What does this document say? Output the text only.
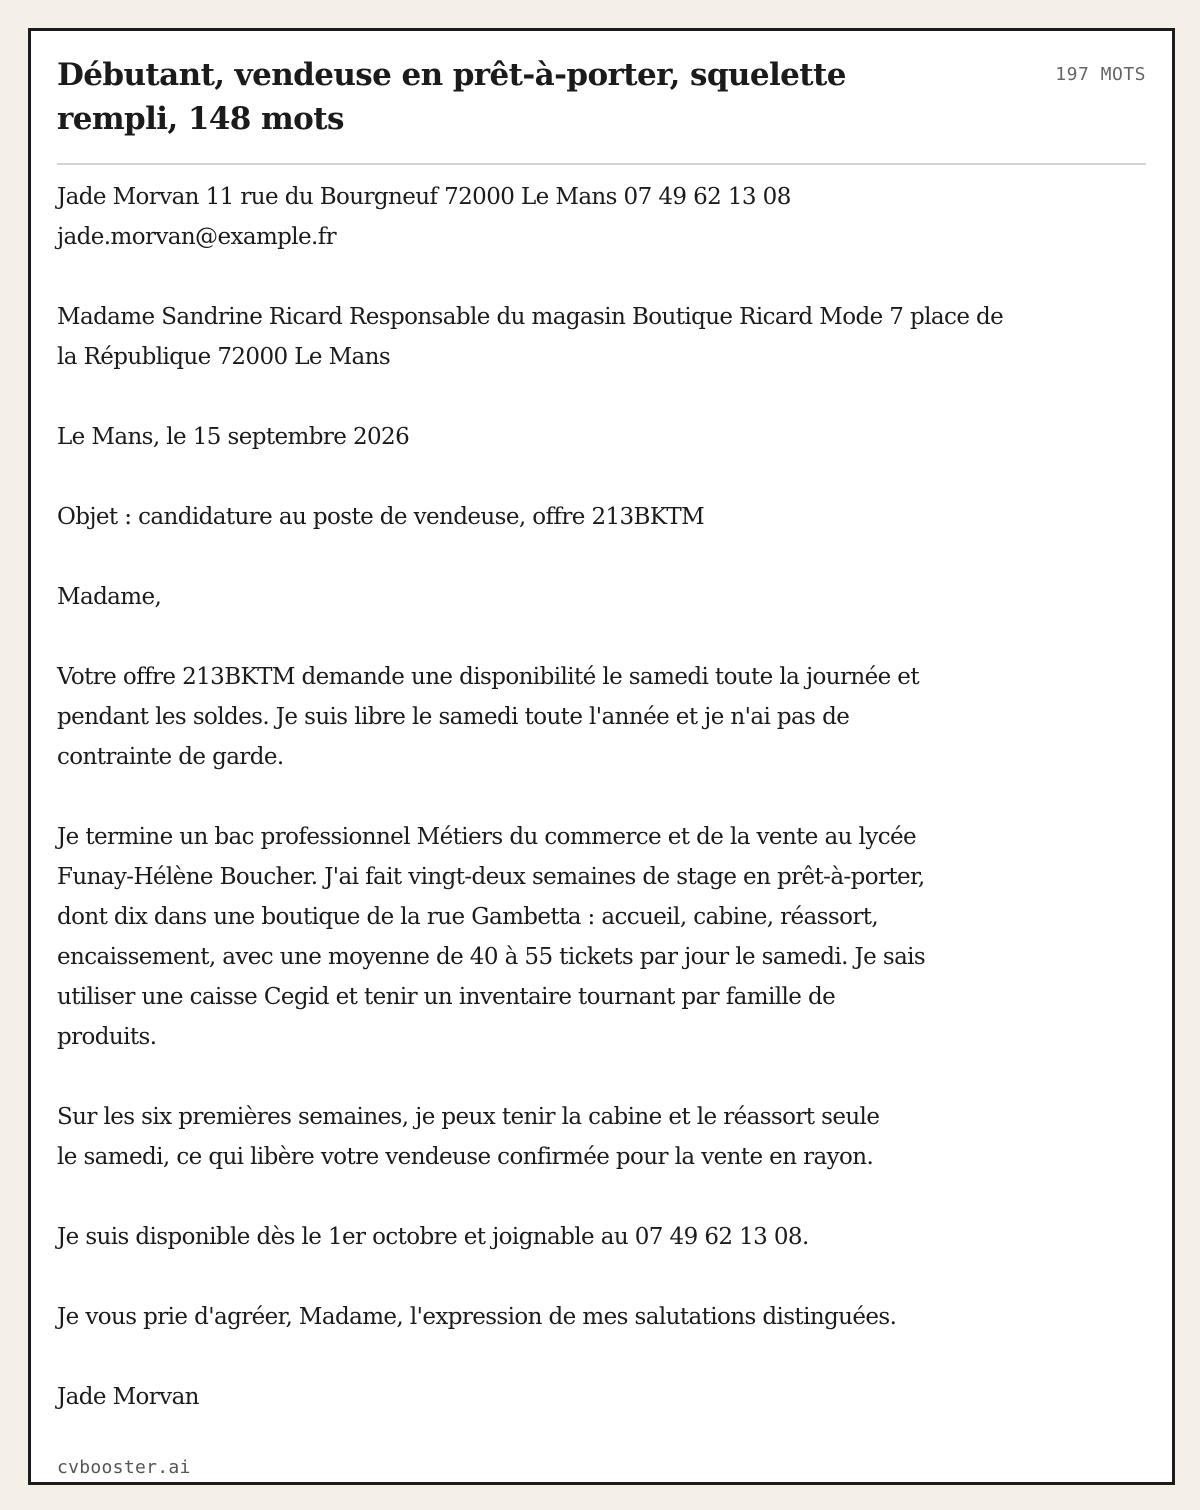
Débutant, vendeuse en prêt-à-porter, squelette rempli, 148 mots
197 MOTS
Jade Morvan 11 rue du Bourgneuf 72000 Le Mans 07 49 62 13 08
jade.morvan@example.fr
Madame Sandrine Ricard Responsable du magasin Boutique Ricard Mode 7 place de
la République 72000 Le Mans
Le Mans, le 15 septembre 2026
Objet : candidature au poste de vendeuse, offre 213BKTM
Madame,
Votre offre 213BKTM demande une disponibilité le samedi toute la journée et
pendant les soldes. Je suis libre le samedi toute l'année et je n'ai pas de
contrainte de garde.
Je termine un bac professionnel Métiers du commerce et de la vente au lycée
Funay-Hélène Boucher. J'ai fait vingt-deux semaines de stage en prêt-à-porter,
dont dix dans une boutique de la rue Gambetta : accueil, cabine, réassort,
encaissement, avec une moyenne de 40 à 55 tickets par jour le samedi. Je sais
utiliser une caisse Cegid et tenir un inventaire tournant par famille de
produits.
Sur les six premières semaines, je peux tenir la cabine et le réassort seule
le samedi, ce qui libère votre vendeuse confirmée pour la vente en rayon.
Je suis disponible dès le 1er octobre et joignable au 07 49 62 13 08.
Je vous prie d'agréer, Madame, l'expression de mes salutations distinguées.
Jade Morvan
cvbooster.ai
